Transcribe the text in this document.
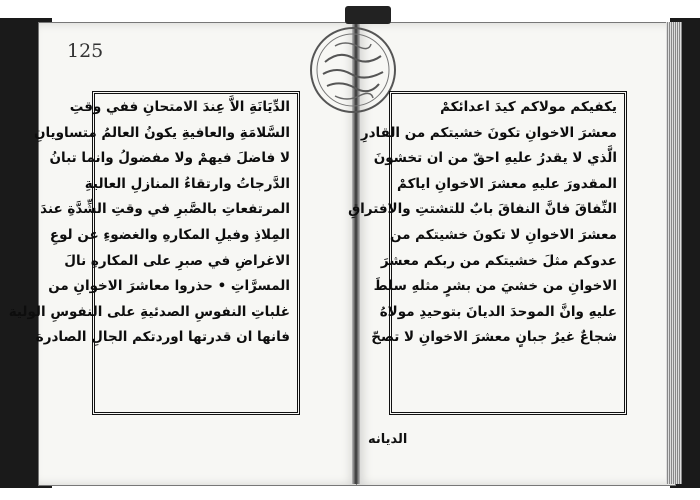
125
الدِّيَانَةِ الاَّ عِندَ الامتحانِ ففي وقتِ
السَّلامَةِ والعافيةِ يكونُ العالمُ متساويانِ
لا فاضلَ فيهمْ ولا مفضولُ وانما تبانُ
الدَّرجاتُ وارتقاءُ المنازلِ العاليةِ
المرتفعاتِ بالصَّبرِ في وقتِ الشِّدَّةِ عندَ
المِلاذِ وفيلِ المكارهِ والغضوءِ عن لوعِ
الاغراضِ في صبرِ على المكارهِ نالَ
المسرَّاتِ • حذروا معاشرَ الاخوانِ من
غلباتِ النفوسِ الصدئيةِ على النفوسِ الولية
فانها ان قدرتها اوردتكم الجالِ الصادرة
يكفيكم مولاكم كيدَ اعدائكمْ
معشرَ الاخوانِ تكونَ خشيتكم من القادرِ
الَّذي لا يقدرُ عليهِ احقّ من ان تخشونَ
المقدورَ عليهِ معشرَ الاخوانِ اياكمْ
النِّفاقَ فانَّ النفاقَ بابٌ للتشتتِ والافتراقِ
معشرَ الاخوانِ لا تكونَ خشيتكم من
عدوكم مثلَ خشيتكم من ربكم معشرَ
الاخوانِ من خشيَ من بشرٍ مثلهِ سلطَ
عليهِ وانَّ الموحدَ الديانَ بتوحيدِ مولاهُ
شجاعٌ غيرُ جبانٍ معشرَ الاخوانِ لا تصحّ
الديانه
